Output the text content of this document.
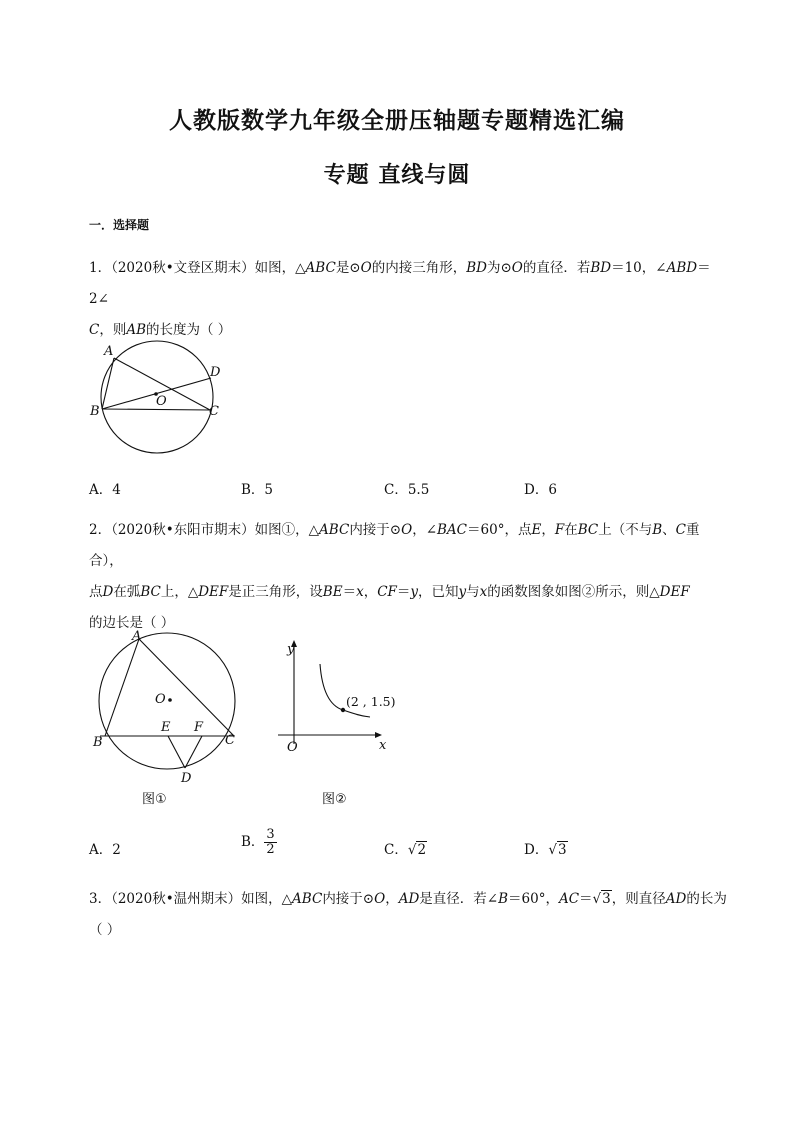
人教版数学九年级全册压轴题专题精选汇编
专题 直线与圆
一．选择题
1．（2020秋•文登区期末）如图，△ABC是⊙O的内接三角形，BD为⊙O的直径．若BD＝10，∠ABD＝2∠
C，则AB的长度为（ ）
A
B	C
D
O
A．4	B．5	C．5.5	D．6
2．（2020秋•东阳市期末）如图①，△ABC内接于⊙O，∠BAC＝60°，点E，F在BC上（不与B、C重合），
点D在弧BC上，△DEF是正三角形，设BE＝x，CF＝y，已知y与x的函数图象如图②所示，则△DEF
的边长是（ ）
A
B	C
D
E F
O
图①
y
x
O
(2 , 1.5)
图②
A．2	B． $\frac{3}{2}$	C．√2	D．√3
3．（2020秋•温州期末）如图，△ABC内接于⊙O，AD是直径．若∠B＝60°，AC＝√3，则直径AD的长为
（ ）
